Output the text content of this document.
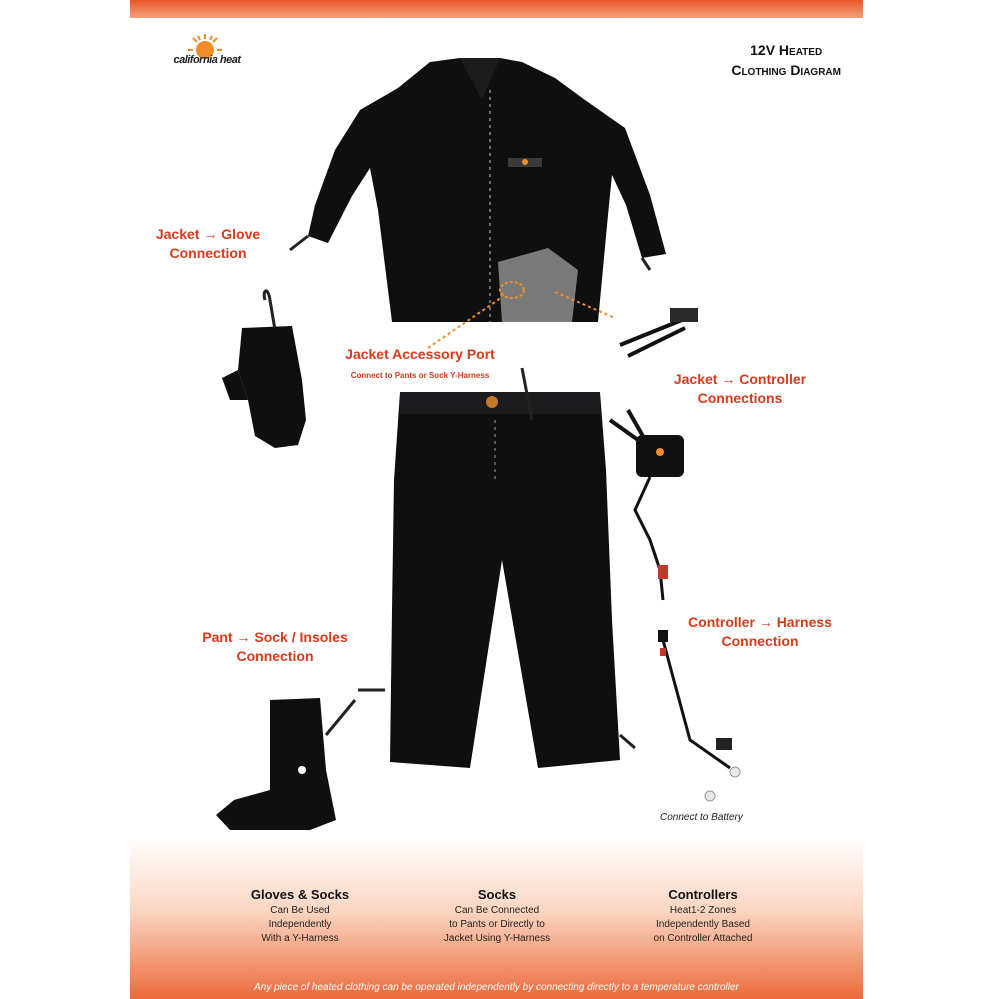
california heat
12V Heated
Clothing Diagram
Jacket → Glove
Connection
Jacket Accessory Port
Connect to Pants or Sock Y-Harness	Jacket → Controller
Connections
Controller → Harness
Connection
Pant → Sock / Insoles
Connection
Connect to Battery
Gloves & Socks
Can Be Used
Independently
With a Y-Harness
Socks
Can Be Connected
to Pants or Directly to
Jacket Using Y-Harness
Controllers
Heat1-2 Zones
Independently Based
on Controller Attached
Any piece of heated clothing can be operated independently by connecting directly to a temperature controller
